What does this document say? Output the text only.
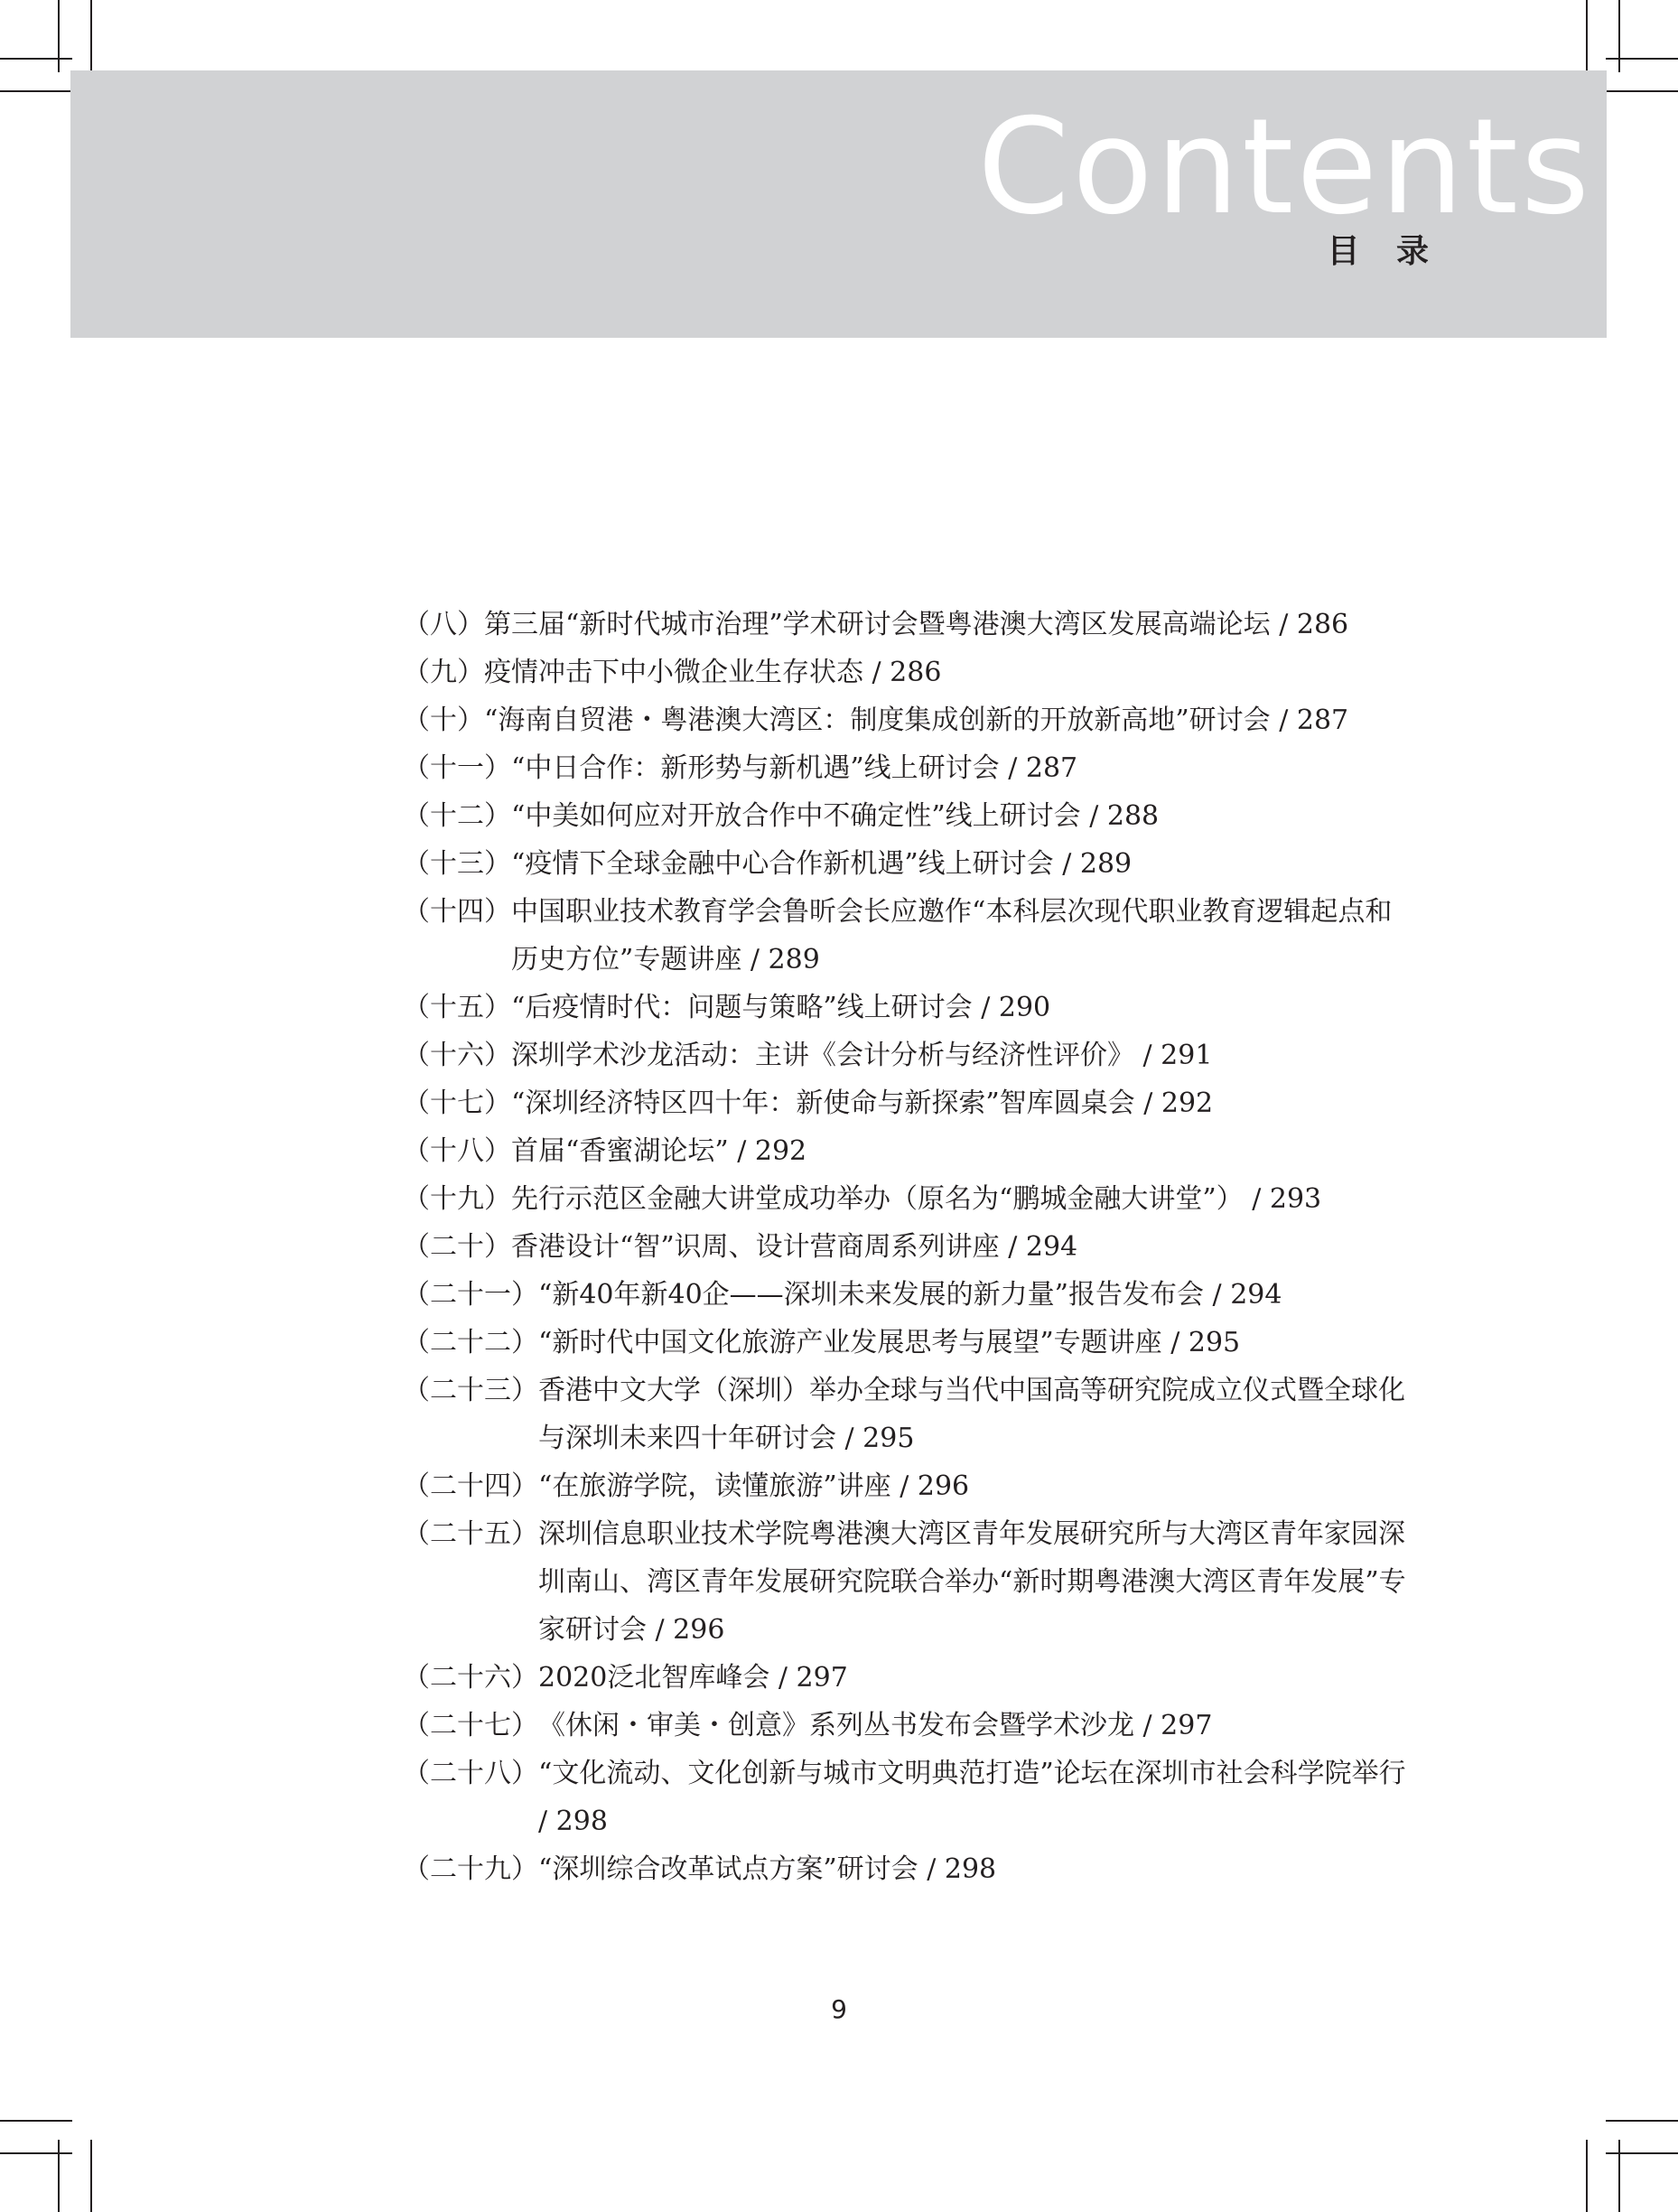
Contents
目 录
（八） 第三届“新时代城市治理”学术研讨会暨粤港澳大湾区发展高端论坛 / 286
（九） 疫情冲击下中小微企业生存状态 / 286
（十） “海南自贸港・粤港澳大湾区：制度集成创新的开放新高地”研讨会 / 287
（十一） “中日合作：新形势与新机遇”线上研讨会 / 287
（十二） “中美如何应对开放合作中不确定性”线上研讨会 / 288
（十三） “疫情下全球金融中心合作新机遇”线上研讨会 / 289
（十四） 中国职业技术教育学会鲁昕会长应邀作“本科层次现代职业教育逻辑起点和历史方位”专题讲座 / 289
（十五） “后疫情时代：问题与策略”线上研讨会 / 290
（十六） 深圳学术沙龙活动：主讲《会计分析与经济性评价》 / 291
（十七） “深圳经济特区四十年：新使命与新探索”智库圆桌会 / 292
（十八） 首届“香蜜湖论坛” / 292
（十九） 先行示范区金融大讲堂成功举办（原名为“鹏城金融大讲堂”） / 293
（二十） 香港设计“智”识周、设计营商周系列讲座 / 294
（二十一） “新40年新40企——深圳未来发展的新力量”报告发布会 / 294
（二十二） “新时代中国文化旅游产业发展思考与展望”专题讲座 / 295
（二十三） 香港中文大学（深圳）举办全球与当代中国高等研究院成立仪式暨全球化与深圳未来四十年研讨会 / 295
（二十四） “在旅游学院，读懂旅游”讲座 / 296
（二十五） 深圳信息职业技术学院粤港澳大湾区青年发展研究所与大湾区青年家园深圳南山、湾区青年发展研究院联合举办“新时期粤港澳大湾区青年发展”专家研讨会 / 296
（二十六） 2020泛北智库峰会 / 297
（二十七） 《休闲・审美・创意》系列丛书发布会暨学术沙龙 / 297
（二十八） “文化流动、文化创新与城市文明典范打造”论坛在深圳市社会科学院举行 / 298
（二十九） “深圳综合改革试点方案”研讨会 / 298
9
